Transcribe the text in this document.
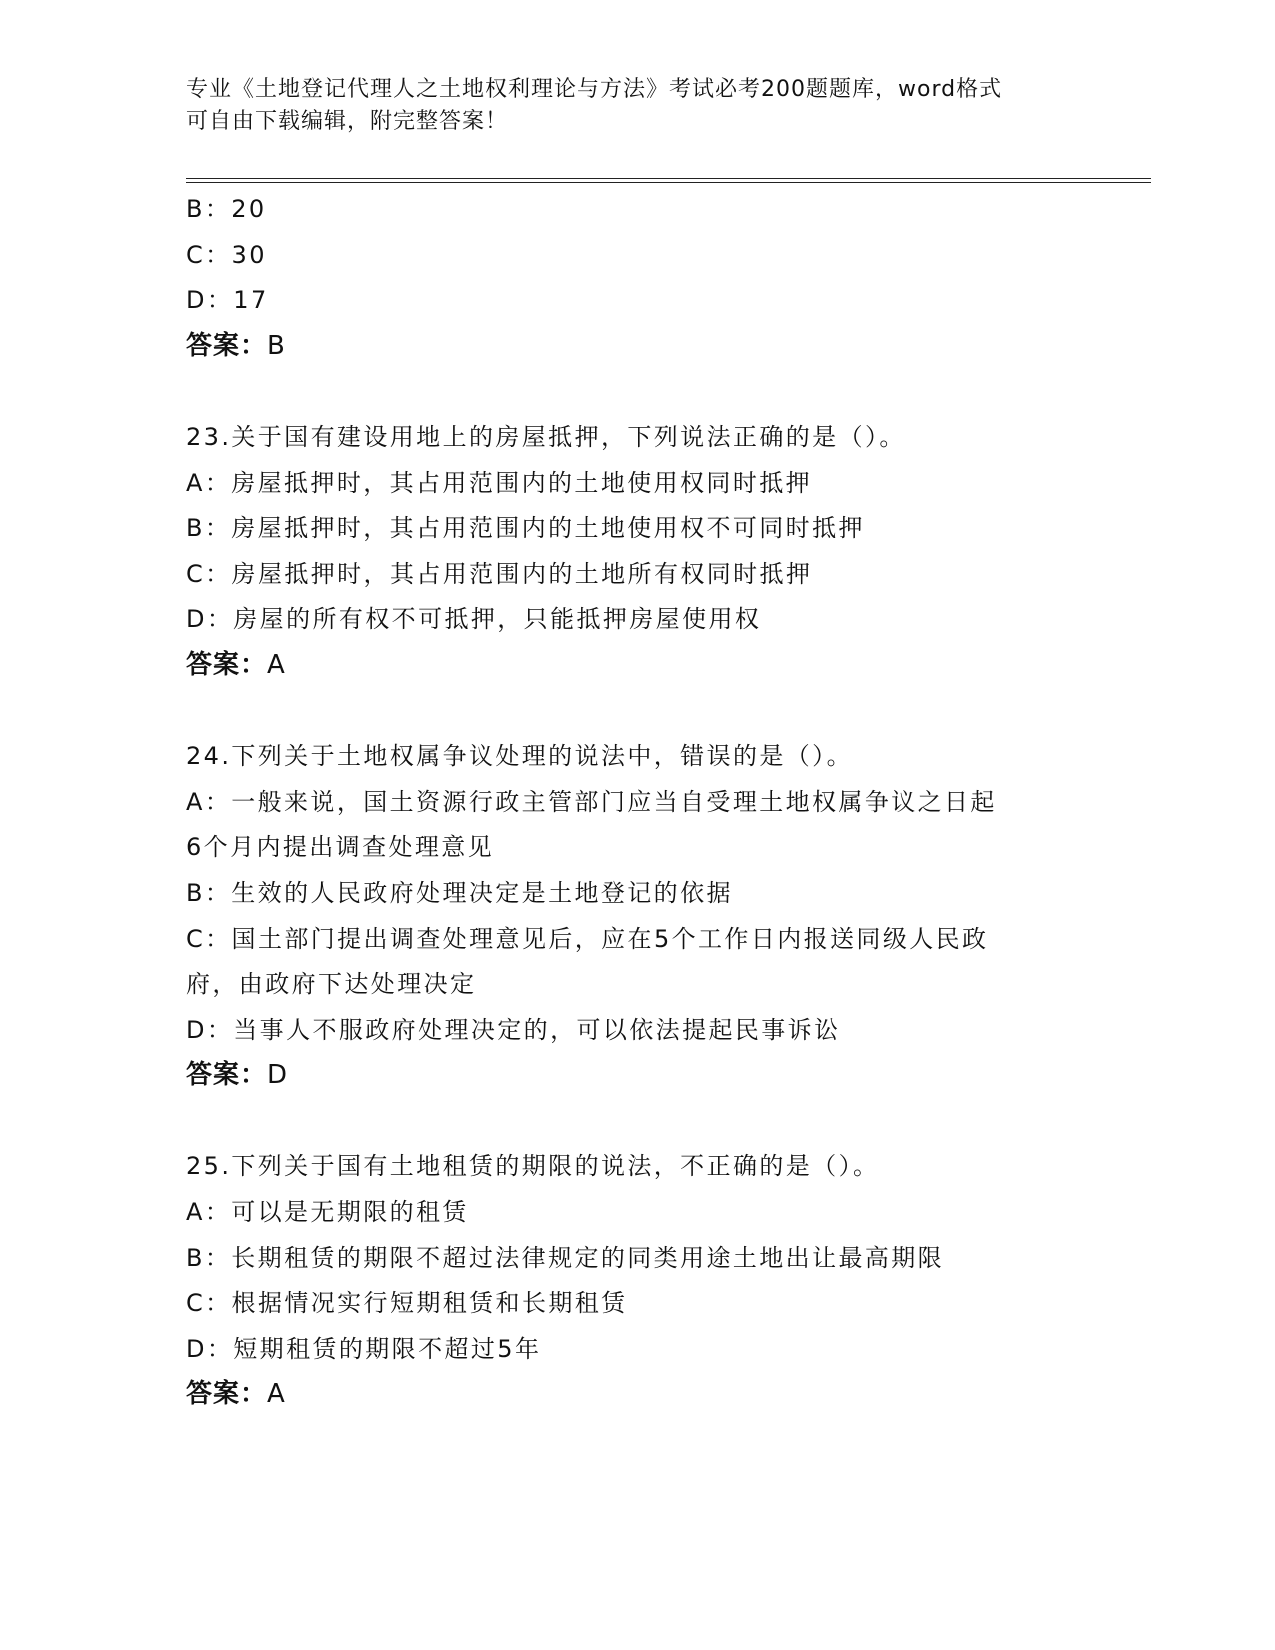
专业《土地登记代理人之土地权利理论与方法》考试必考200题题库，word格式
可自由下载编辑，附完整答案！
B：20
C：30
D：17
答案：B
23.关于国有建设用地上的房屋抵押，下列说法正确的是（）。
A：房屋抵押时，其占用范围内的土地使用权同时抵押
B：房屋抵押时，其占用范围内的土地使用权不可同时抵押
C：房屋抵押时，其占用范围内的土地所有权同时抵押
D：房屋的所有权不可抵押，只能抵押房屋使用权
答案：A
24.下列关于土地权属争议处理的说法中，错误的是（）。
A：一般来说，国土资源行政主管部门应当自受理土地权属争议之日起
6个月内提出调查处理意见
B：生效的人民政府处理决定是土地登记的依据
C：国土部门提出调查处理意见后，应在5个工作日内报送同级人民政
府，由政府下达处理决定
D：当事人不服政府处理决定的，可以依法提起民事诉讼
答案：D
25.下列关于国有土地租赁的期限的说法，不正确的是（）。
A：可以是无期限的租赁
B：长期租赁的期限不超过法律规定的同类用途土地出让最高期限
C：根据情况实行短期租赁和长期租赁
D：短期租赁的期限不超过5年
答案：A
